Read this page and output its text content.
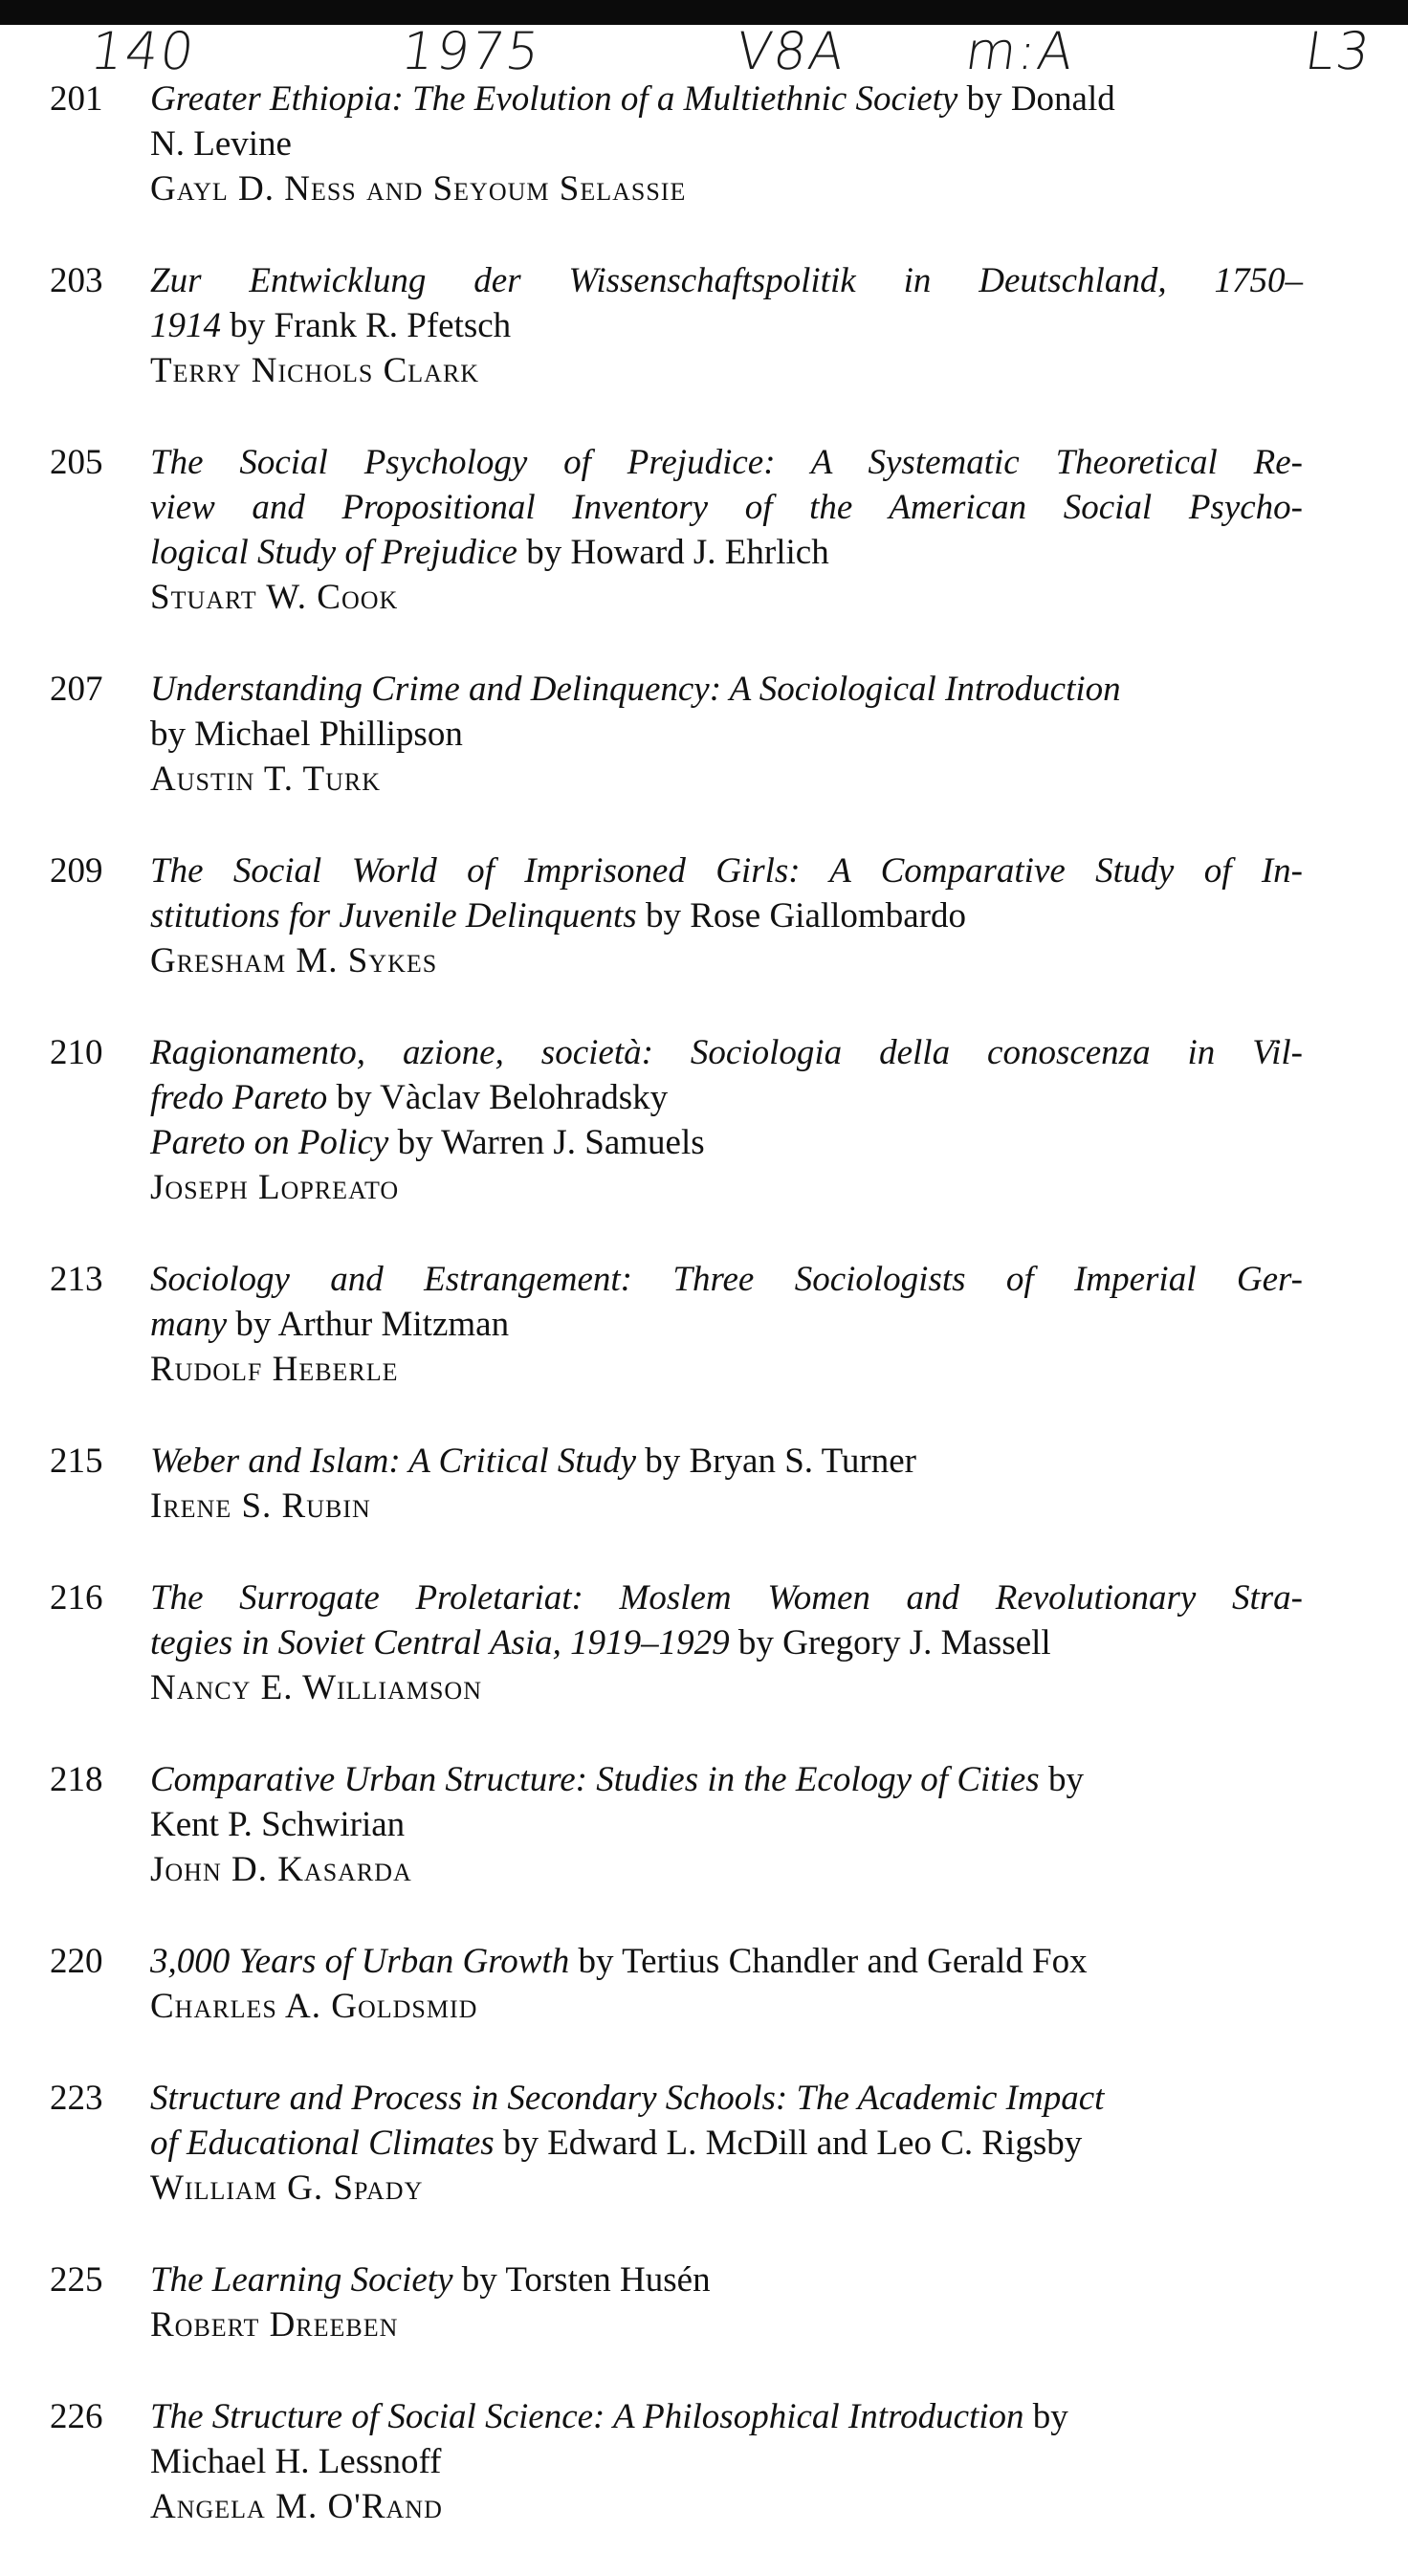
140	1975	V8A m:A	L3
201 Greater Ethiopia: The Evolution of a Multiethnic Society by Donald
N. Levine
Gayl D. Ness and Seyoum Selassie
203 Zur Entwicklung der Wissenschaftspolitik in Deutschland, 1750–
1914 by Frank R. Pfetsch
Terry Nichols Clark
205 The Social Psychology of Prejudice: A Systematic Theoretical Re-
view and Propositional Inventory of the American Social Psycho-
logical Study of Prejudice by Howard J. Ehrlich
Stuart W. Cook
207 Understanding Crime and Delinquency: A Sociological Introduction
by Michael Phillipson
Austin T. Turk
209 The Social World of Imprisoned Girls: A Comparative Study of In-
stitutions for Juvenile Delinquents by Rose Giallombardo
Gresham M. Sykes
210 Ragionamento, azione, società: Sociologia della conoscenza in Vil-
fredo Pareto by Vàclav Belohradsky
Pareto on Policy by Warren J. Samuels
Joseph Lopreato
213 Sociology and Estrangement: Three Sociologists of Imperial Ger-
many by Arthur Mitzman
Rudolf Heberle
215 Weber and Islam: A Critical Study by Bryan S. Turner
Irene S. Rubin
216 The Surrogate Proletariat: Moslem Women and Revolutionary Stra-
tegies in Soviet Central Asia, 1919–1929 by Gregory J. Massell
Nancy E. Williamson
218 Comparative Urban Structure: Studies in the Ecology of Cities by
Kent P. Schwirian
John D. Kasarda
220 3,000 Years of Urban Growth by Tertius Chandler and Gerald Fox
Charles A. Goldsmid
223 Structure and Process in Secondary Schools: The Academic Impact
of Educational Climates by Edward L. McDill and Leo C. Rigsby
William G. Spady
225 The Learning Society by Torsten Husén
Robert Dreeben
226 The Structure of Social Science: A Philosophical Introduction by
Michael H. Lessnoff
Angela M. O'Rand
